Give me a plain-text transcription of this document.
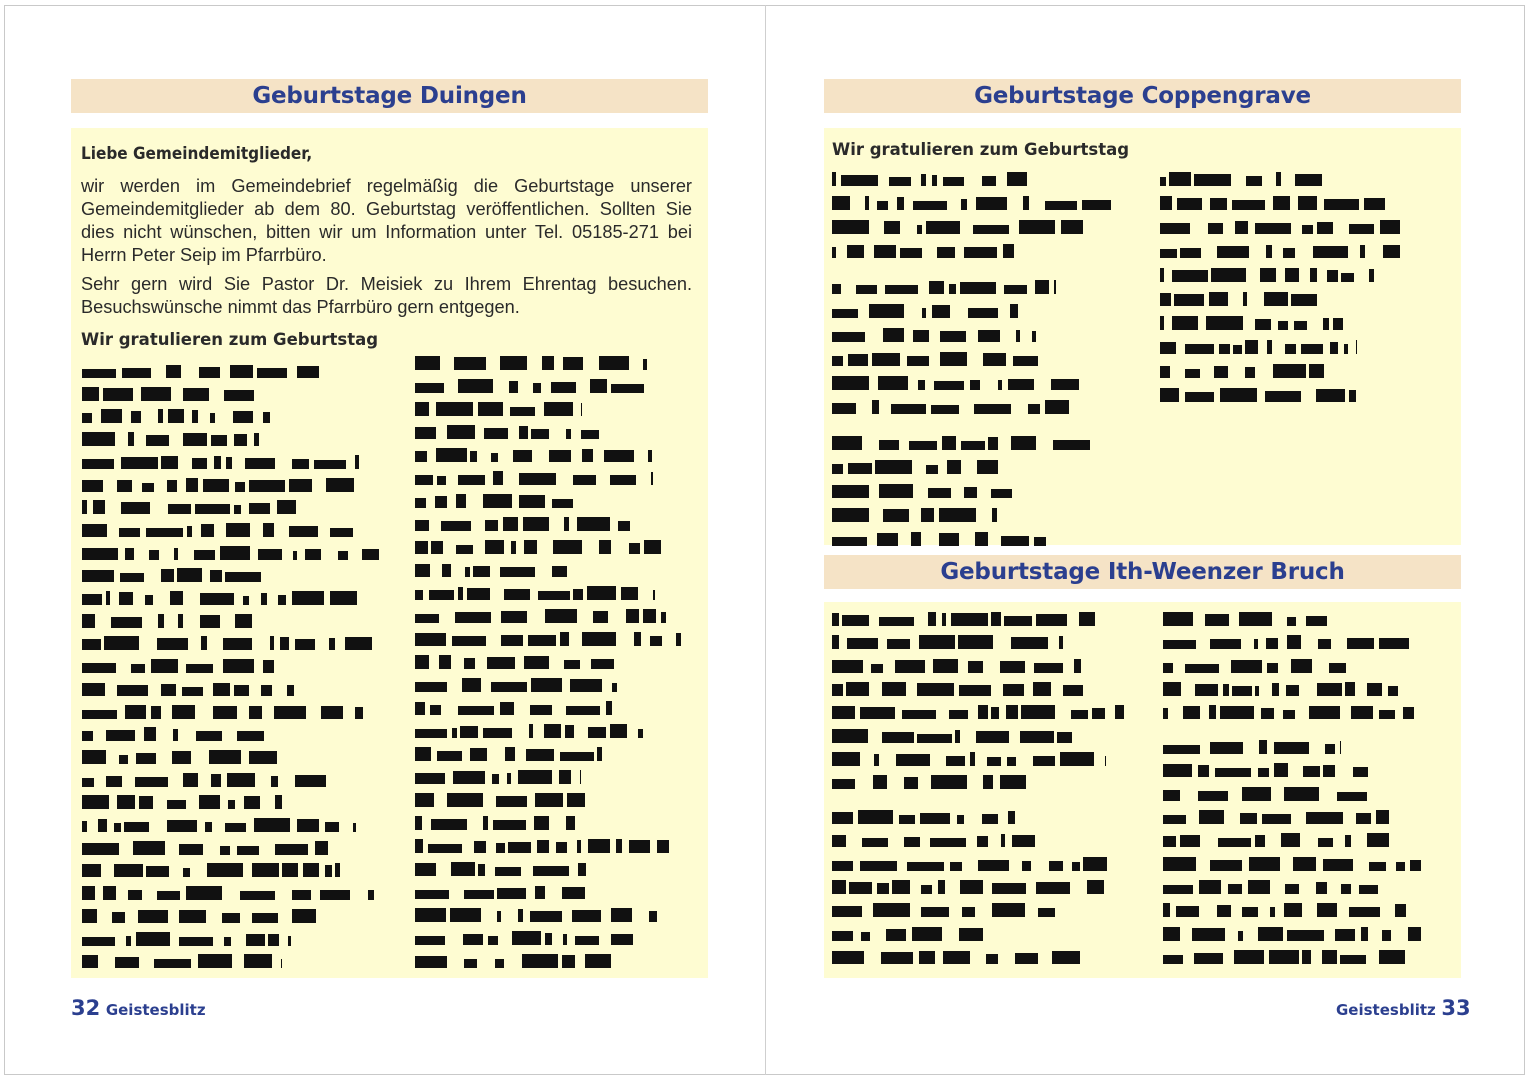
Geburtstage Duingen
Liebe Gemeindemitglieder,

wir werden im Gemeindebrief regelmäßig die Geburtstage unserer Gemeindemitglieder ab dem 80. Geburtstag veröffentlichen. Sollten Sie dies nicht wünschen, bitten wir um Information unter Tel. 05185-271 bei Herrn Peter Seip im Pfarrbüro.

Sehr gern wird Sie Pastor Dr. Meisiek zu Ihrem Ehrentag besuchen. Besuchswünsche nimmt das Pfarrbüro gern entgegen.

Wir gratulieren zum Geburtstag
32 Geistesblitz
Geburtstage Coppengrave
Wir gratulieren zum Geburtstag
Geburtstage Ith-Weenzer Bruch
Geistesblitz 33
